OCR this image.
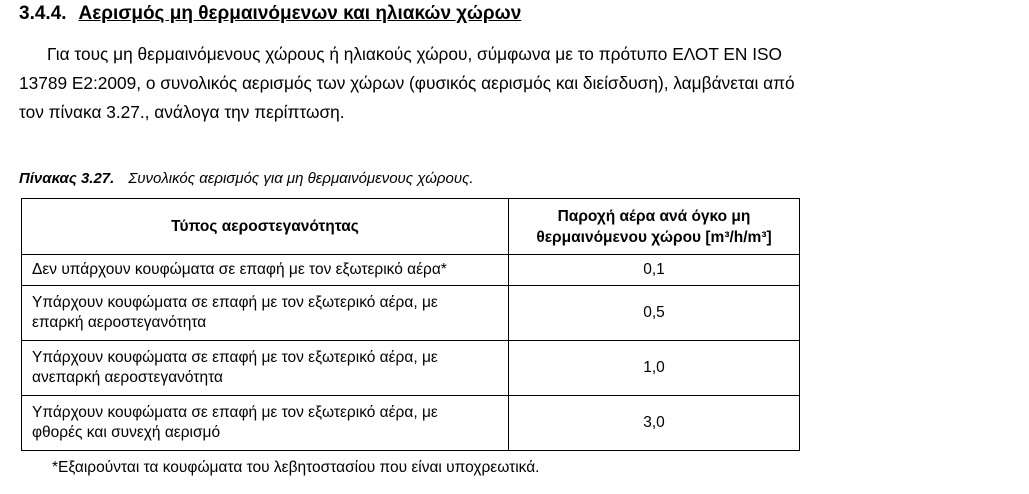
3.4.4. Αερισμός μη θερμαινόμενων και ηλιακών χώρων
Για τους μη θερμαινόμενους χώρους ή ηλιακούς χώρου, σύμφωνα με το πρότυπο ΕΛΟΤ EN ISO
13789 E2:2009, ο συνολικός αερισμός των χώρων (φυσικός αερισμός και διείσδυση), λαμβάνεται από
τον πίνακα 3.27., ανάλογα την περίπτωση.
Πίνακας 3.27. Συνολικός αερισμός για μη θερμαινόμενους χώρους.
Τύπος αεροστεγανότητας	Παροχή αέρα ανά όγκο μη
θερμαινόμενου χώρου [m³/h/m³]
Δεν υπάρχουν κουφώματα σε επαφή με τον εξωτερικό αέρα*	0,1
Υπάρχουν κουφώματα σε επαφή με τον εξωτερικό αέρα, με
επαρκή αεροστεγανότητα	0,5
Υπάρχουν κουφώματα σε επαφή με τον εξωτερικό αέρα, με
ανεπαρκή αεροστεγανότητα	1,0
Υπάρχουν κουφώματα σε επαφή με τον εξωτερικό αέρα, με
φθορές και συνεχή αερισμό	3,0
*Εξαιρούνται τα κουφώματα του λεβητοστασίου που είναι υποχρεωτικά.
